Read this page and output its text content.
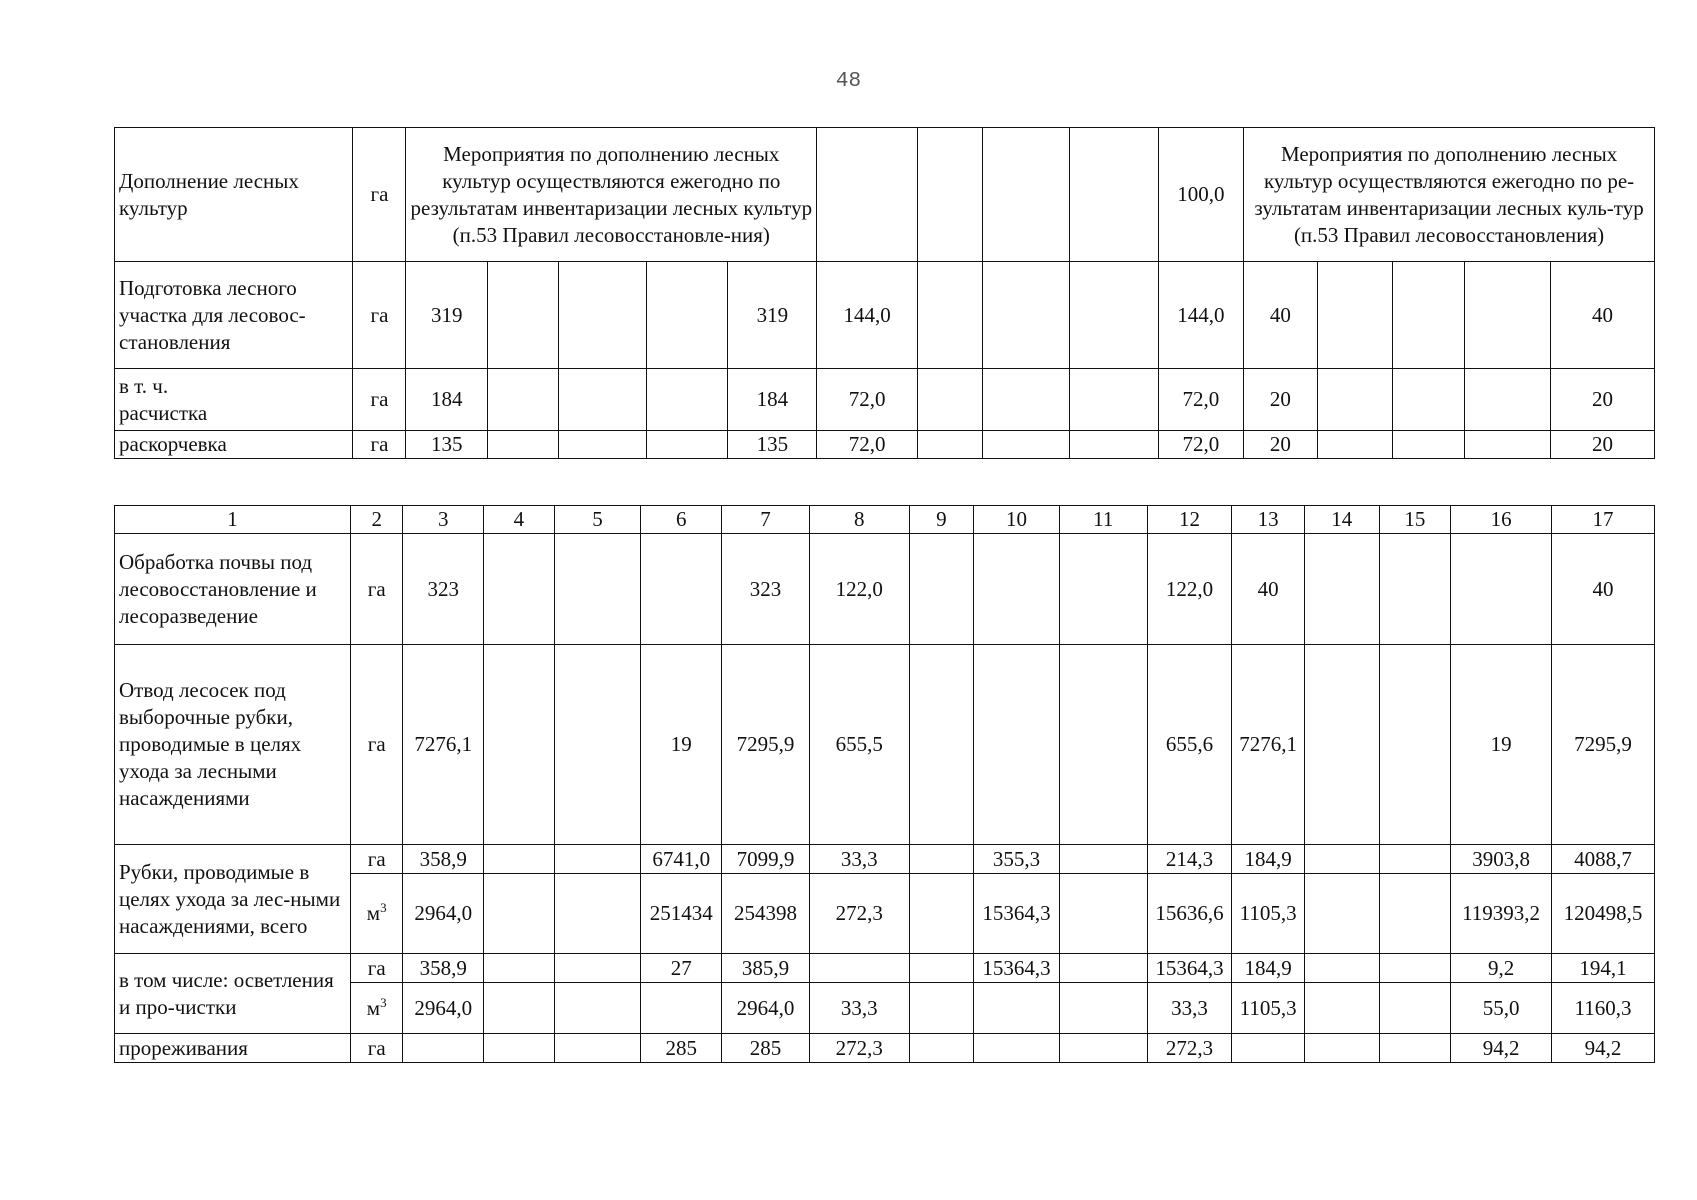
48
Дополнение лесных культур	га	Мероприятия по дополнению лесных культур осуществляются ежегодно по результатам инвентаризации лесных культур (п.53 Правил лесовосстановле-ния)									100,0	Мероприятия по дополнению лесных культур осуществляются ежегодно по ре-зультатам инвентаризации лесных куль-тур (п.53 Правил лесовосстановления)				
Подготовка лесного участка для лесовос-становления	га	319				319	144,0				144,0	40				40
в т. ч.
расчистка	га	184				184	72,0				72,0	20				20
раскорчевка	га	135				135	72,0				72,0	20				20
1	2	3	4	5	6	7	8	9	10	11	12	13	14	15	16	17
Обработка почвы под лесовосстановление и лесоразведение	га	323				323	122,0				122,0	40				40
Отвод лесосек под выборочные рубки, проводимые в целях ухода за лесными насаждениями	га	7276,1			19	7295,9	655,5				655,6	7276,1			19	7295,9
Рубки, проводимые в целях ухода за лес-ными насаждениями, всего	га	358,9			6741,0	7099,9	33,3		355,3		214,3	184,9			3903,8	4088,7
	$м^3$	2964,0			251434	254398	272,3		15364,3		15636,6	1105,3			119393,2	120498,5
в том числе: осветления и про-чистки	га	358,9			27	385,9			15364,3		15364,3	184,9			9,2	194,1
	$м^3$	2964,0				2964,0	33,3				33,3	1105,3			55,0	1160,3
прореживания	га				285	285	272,3				272,3				94,2	94,2
